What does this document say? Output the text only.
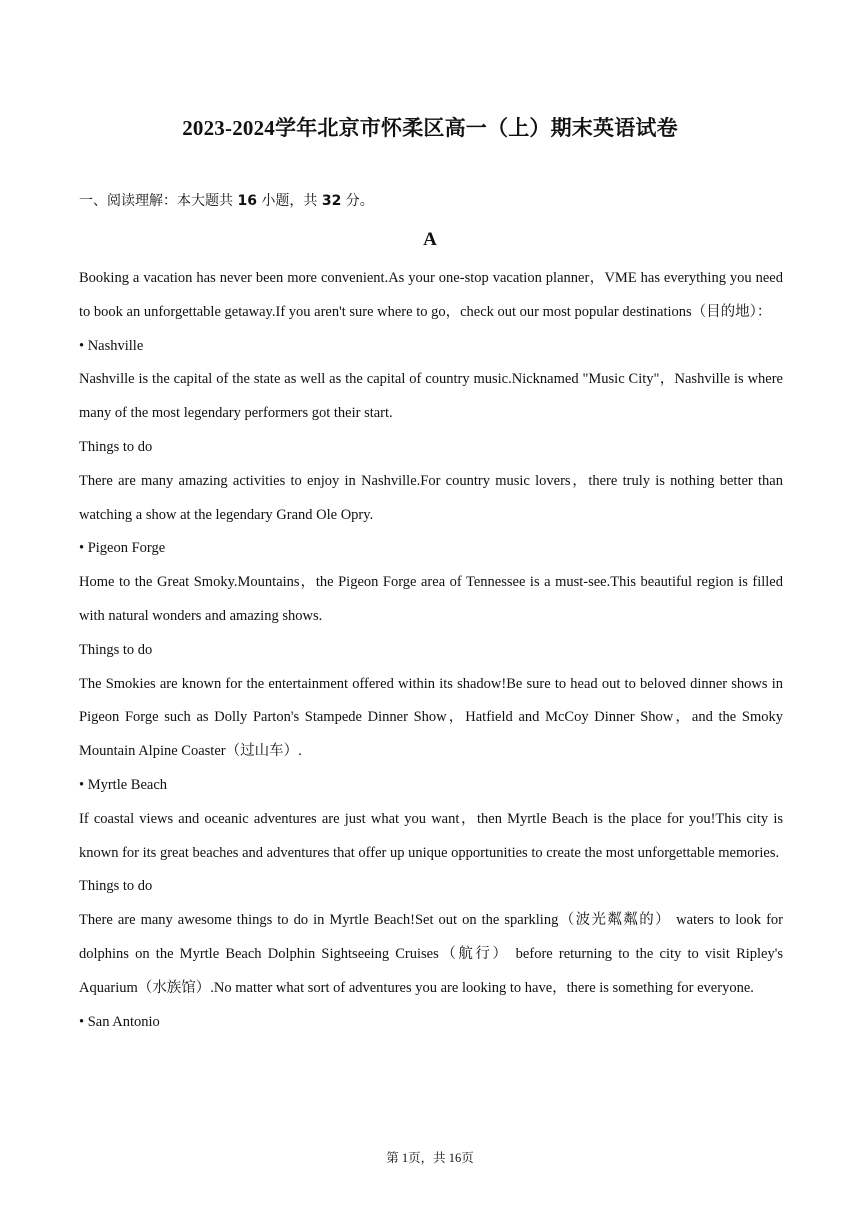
2023-2024学年北京市怀柔区高一（上）期末英语试卷
一、阅读理解：本大题共 16 小题，共 32 分。
A

Booking a vacation has never been more convenient.As your one-stop vacation planner，VME has everything you need to book an unforgettable getaway.If you aren't sure where to go，check out our most popular destinations（目的地）：

• Nashville

Nashville is the capital of the state as well as the capital of country music.Nicknamed "Music City"，Nashville is where many of the most legendary performers got their start.

Things to do

There are many amazing activities to enjoy in Nashville.For country music lovers，there truly is nothing better than watching a show at the legendary Grand Ole Opry.

• Pigeon Forge

Home to the Great Smoky.Mountains，the Pigeon Forge area of Tennessee is a must-see.This beautiful region is filled with natural wonders and amazing shows.

Things to do

The Smokies are known for the entertainment offered within its shadow!Be sure to head out to beloved dinner shows in Pigeon Forge such as Dolly Parton's Stampede Dinner Show，Hatfield and McCoy Dinner Show，and the Smoky Mountain Alpine Coaster（过山车）.

• Myrtle Beach

If coastal views and oceanic adventures are just what you want，then Myrtle Beach is the place for you!This city is known for its great beaches and adventures that offer up unique opportunities to create the most unforgettable memories.

Things to do

There are many awesome things to do in Myrtle Beach!Set out on the sparkling（波光粼粼的） waters to look for dolphins on the Myrtle Beach Dolphin Sightseeing Cruises（航行） before returning to the city to visit Ripley's Aquarium（水族馆）.No matter what sort of adventures you are looking to have，there is something for everyone.

• San Antonio

第 1页，共 16页
